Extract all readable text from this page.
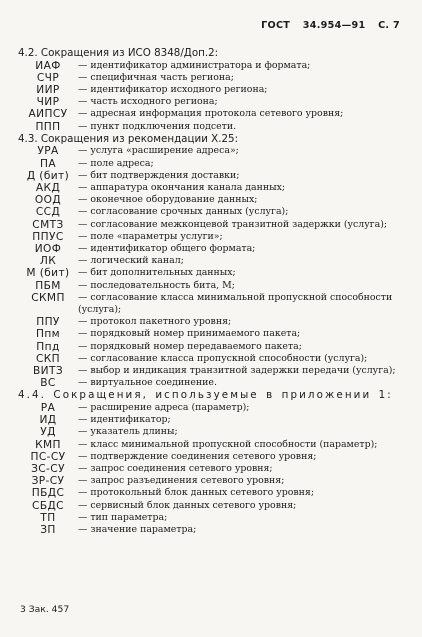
ГОСТ 34.954—91 С. 7
4.2. Сокращения из ИСО 8348/Доп.2:
ИАФ	— идентификатор администратора и формата;
СЧР	— специфичная часть региона;
ИИР	— идентификатор исходного региона;
ЧИР	— часть исходного региона;
АИПСУ	— адресная информация протокола сетевого уровня;
ППП	— пункт подключения подсети.
4.3. Сокращения из рекомендации Х.25:
УРА	— услуга «расширение адреса»;
ПА	— поле адреса;
Д (бит) — бит подтверждения доставки;
АКД	— аппаратура окончания канала данных;
ООД	— оконечное оборудование данных;
ССД	— согласование срочных данных (услуга);
СМТЗ	— согласование межконцевой транзитной задержки (услуга);
ППУС	— поле «параметры услуги»;
ИОФ	— идентификатор общего формата;
ЛК	— логический канал;
М (бит) — бит дополнительных данных;
ПБМ	— последовательность бита, М;
СКМП	— согласование класса минимальной пропускной способности (услуга);
ППУ	— протокол пакетного уровня;
Ппм	— порядковый номер принимаемого пакета;
Ппд	— порядковый номер передаваемого пакета;
СКП	— согласование класса пропускной способности (услуга);
ВИТЗ	— выбор и индикация транзитной задержки передачи (услуга);
ВС	— виртуальное соединение.
4.4. Сокращения, используемые в приложении 1:
РА	— расширение адреса (параметр);
ИД	— идентификатор;
УД	— указатель длины;
КМП	— класс минимальной пропускной способности (параметр);
ПС-СУ	— подтверждение соединения сетевого уровня;
ЗС-СУ	— запрос соединения сетевого уровня;
ЗР-СУ	— запрос разъединения сетевого уровня;
ПБДС	— протокольный блок данных сетевого уровня;
СБДС	— сервисный блок данных сетевого уровня;
ТП	— тип параметра;
ЗП	— значение параметра;
3 Зак. 457
